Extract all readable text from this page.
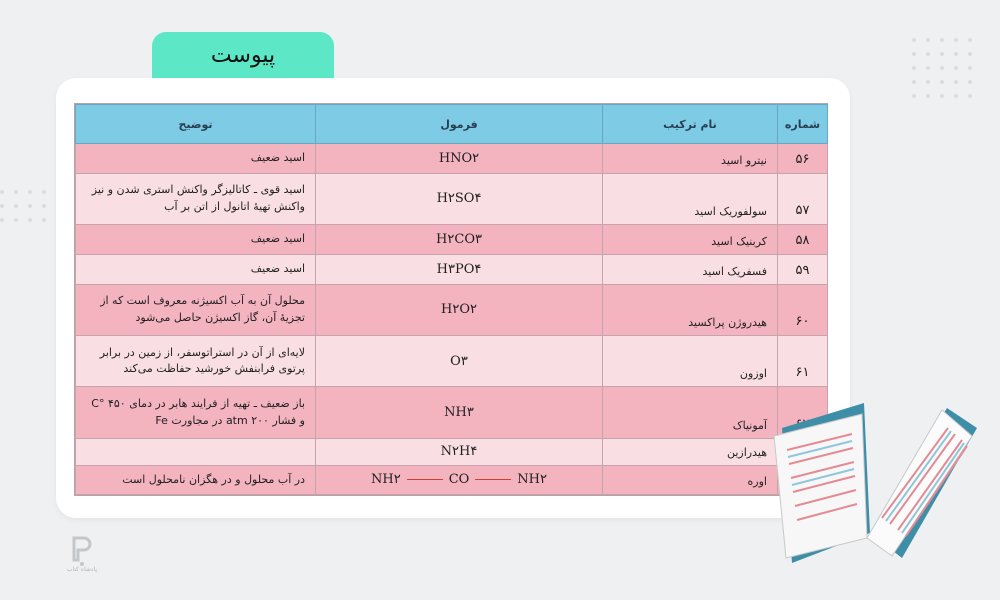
پیوست
شماره	نام ترکیب	فرمول	توضیح
۵۶	نیترو اسید	HNO۲	اسید ضعیف
۵۷	سولفوریک اسید	H۲SO۴	اسید قوی ـ کاتالیزگر واکنش استری شدن و نیز واکنش تهیهٔ اتانول از اتن بر آب
۵۸	کربنیک اسید	H۲CO۳	اسید ضعیف
۵۹	فسفریک اسید	H۳PO۴	اسید ضعیف
۶۰	هیدروژن پراکسید	H۲O۲	محلول آن به آب اکسیژنه معروف است که از تجزیهٔ آن، گاز اکسیژن حاصل می‌شود
۶۱	اوزون	O۳	لایه‌ای از آن در استراتوسفر، از زمین در برابر پرتوی فرابنفش خورشید حفاظت می‌کند
	آمونیاک	NH۳	باز ضعیف ـ تهیه از فرایند هابر در دمای ۴۵۰ °C و فشار ۲۰۰ atm در مجاورت Fe
	هیدرازین	N۲H۴	
	اوره	NH۲ CO NH۲	در آب محلول و در هگزان نامحلول است
پادشاه کتاب
